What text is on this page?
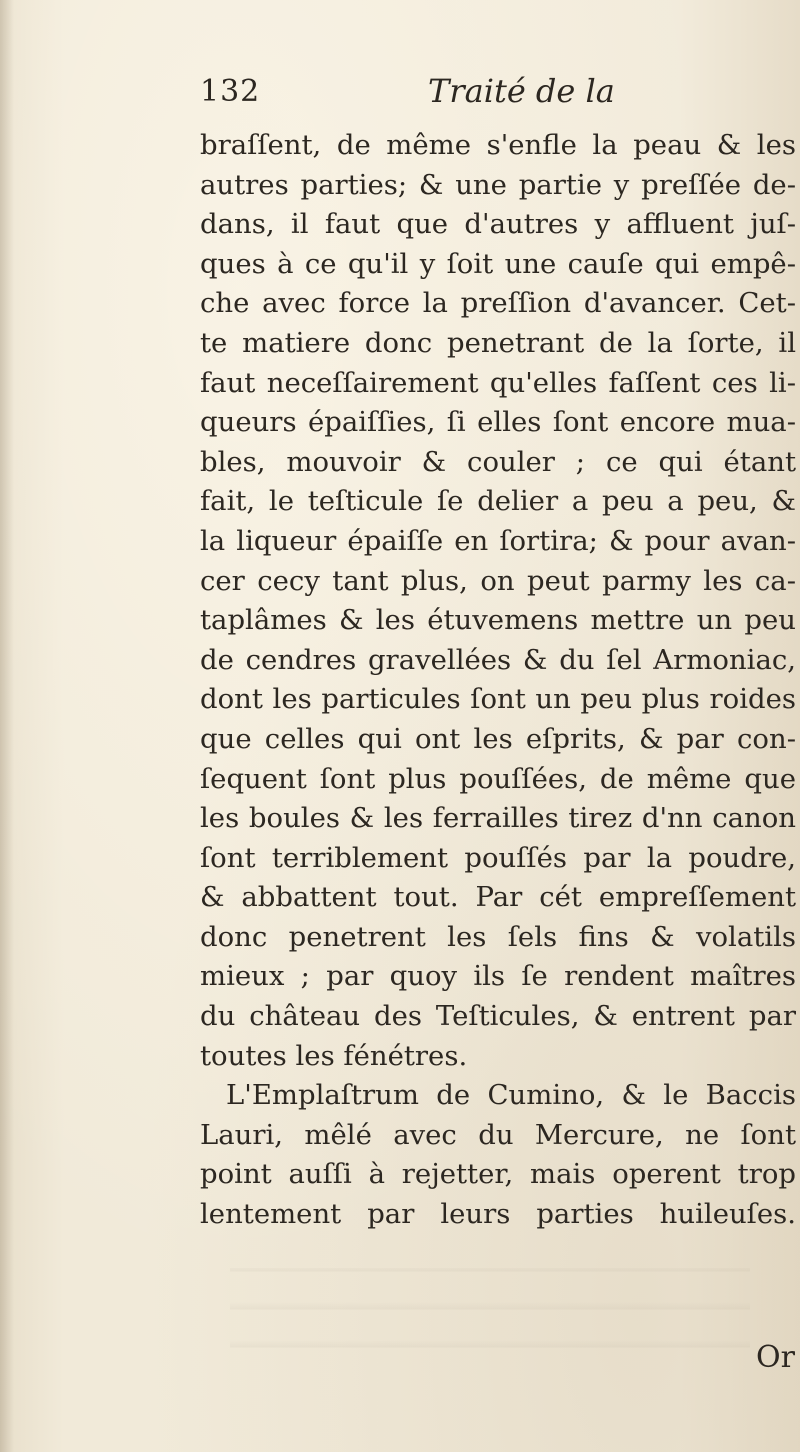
132	Traité de la
braſſent, de même s'enfle la peau & les
autres parties; & une partie y preſſée de-
dans, il faut que d'autres y affluent juſ-
ques à ce qu'il y ſoit une cauſe qui empê-
che avec force la preſſion d'avancer. Cet-
te matiere donc penetrant de la ſorte, il
faut neceſſairement qu'elles faſſent ces li-
queurs épaiſſies, ſi elles ſont encore mua-
bles, mouvoir & couler ; ce qui étant
fait, le teſticule ſe delier a peu a peu, &
la liqueur épaiſſe en ſortira; & pour avan-
cer cecy tant plus, on peut parmy les ca-
taplâmes & les étuvemens mettre un peu
de cendres gravellées & du ſel Armoniac,
dont les particules ſont un peu plus roides
que celles qui ont les eſprits, & par con-
ſequent ſont plus pouſſées, de même que
les boules & les ferrailles tirez d'nn canon
ſont terriblement pouſſés par la poudre,
& abbattent tout. Par cét empreſſement
donc penetrent les ſels fins & volatils
mieux ; par quoy ils ſe rendent maîtres
du château des Teſticules, & entrent par
toutes les fénétres.
L'Emplaſtrum de Cumino, & le Baccis
Lauri, mêlé avec du Mercure, ne ſont
point auſſi à rejetter, mais operent trop
lentement par leurs parties huileuſes.
Or
